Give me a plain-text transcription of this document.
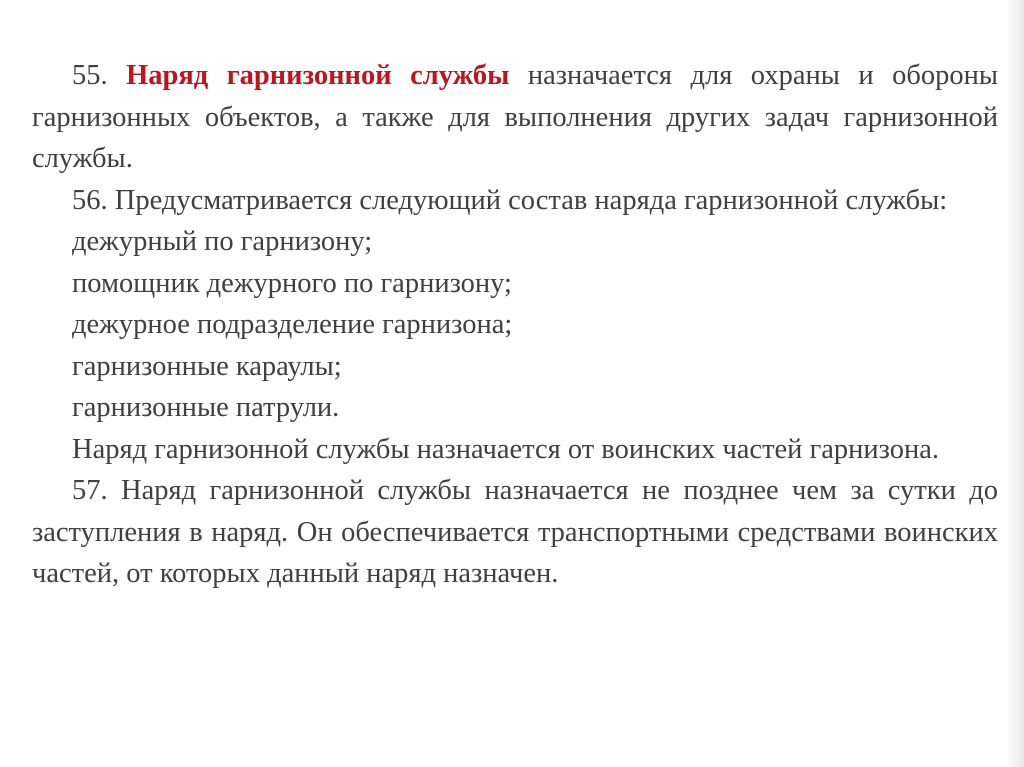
55. Наряд гарнизонной службы назначается для охраны и обороны гарнизонных объектов, а также для выполнения других задач гарнизонной службы.

56. Предусматривается следующий состав наряда гарнизонной службы:

дежурный по гарнизону;

помощник дежурного по гарнизону;

дежурное подразделение гарнизона;

гарнизонные караулы;

гарнизонные патрули.

Наряд гарнизонной службы назначается от воинских частей гарнизона.

57. Наряд гарнизонной службы назначается не позднее чем за сутки до заступления в наряд. Он обеспечивается транспортными средствами воинских частей, от которых данный наряд назначен.
